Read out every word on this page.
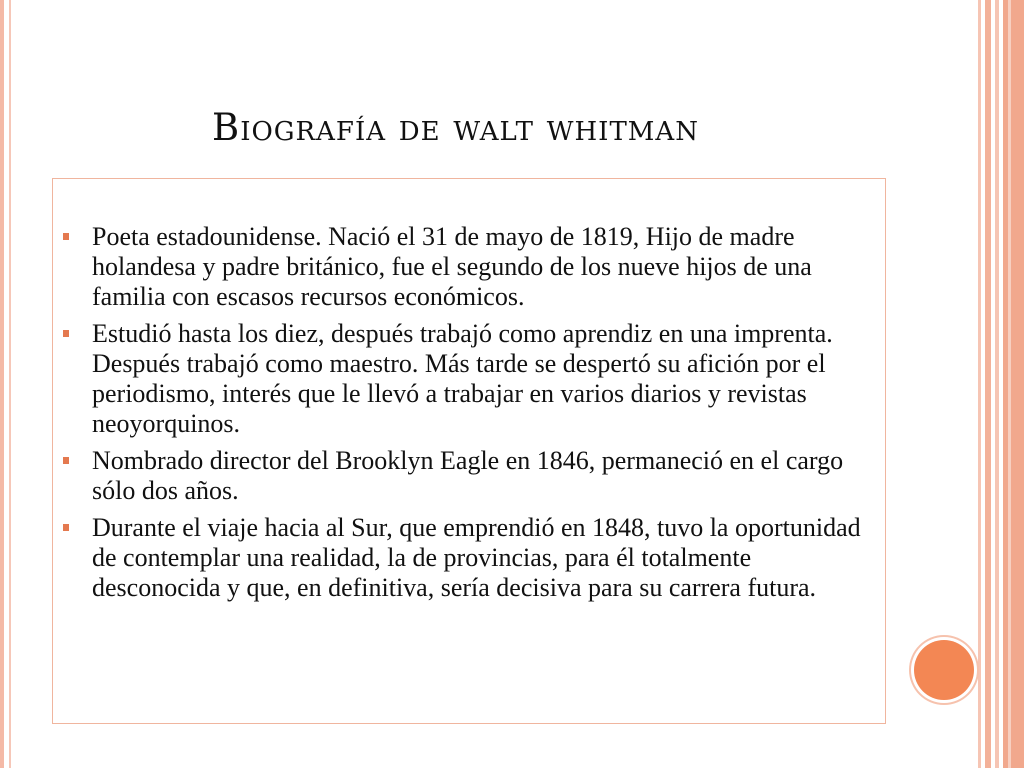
Biografía de walt whitman
Poeta estadounidense. Nació el 31 de mayo de 1819, Hijo de madre holandesa y padre británico, fue el segundo de los nueve hijos de una familia con escasos recursos económicos.
Estudió hasta los diez, después trabajó como aprendiz en una imprenta. Después trabajó como maestro. Más tarde se despertó su afición por el periodismo, interés que le llevó a trabajar en varios diarios y revistas neoyorquinos.
Nombrado director del Brooklyn Eagle en 1846, permaneció en el cargo sólo dos años.
Durante el viaje hacia al Sur, que emprendió en 1848, tuvo la oportunidad de contemplar una realidad, la de provincias, para él totalmente desconocida y que, en definitiva, sería decisiva para su carrera futura.
